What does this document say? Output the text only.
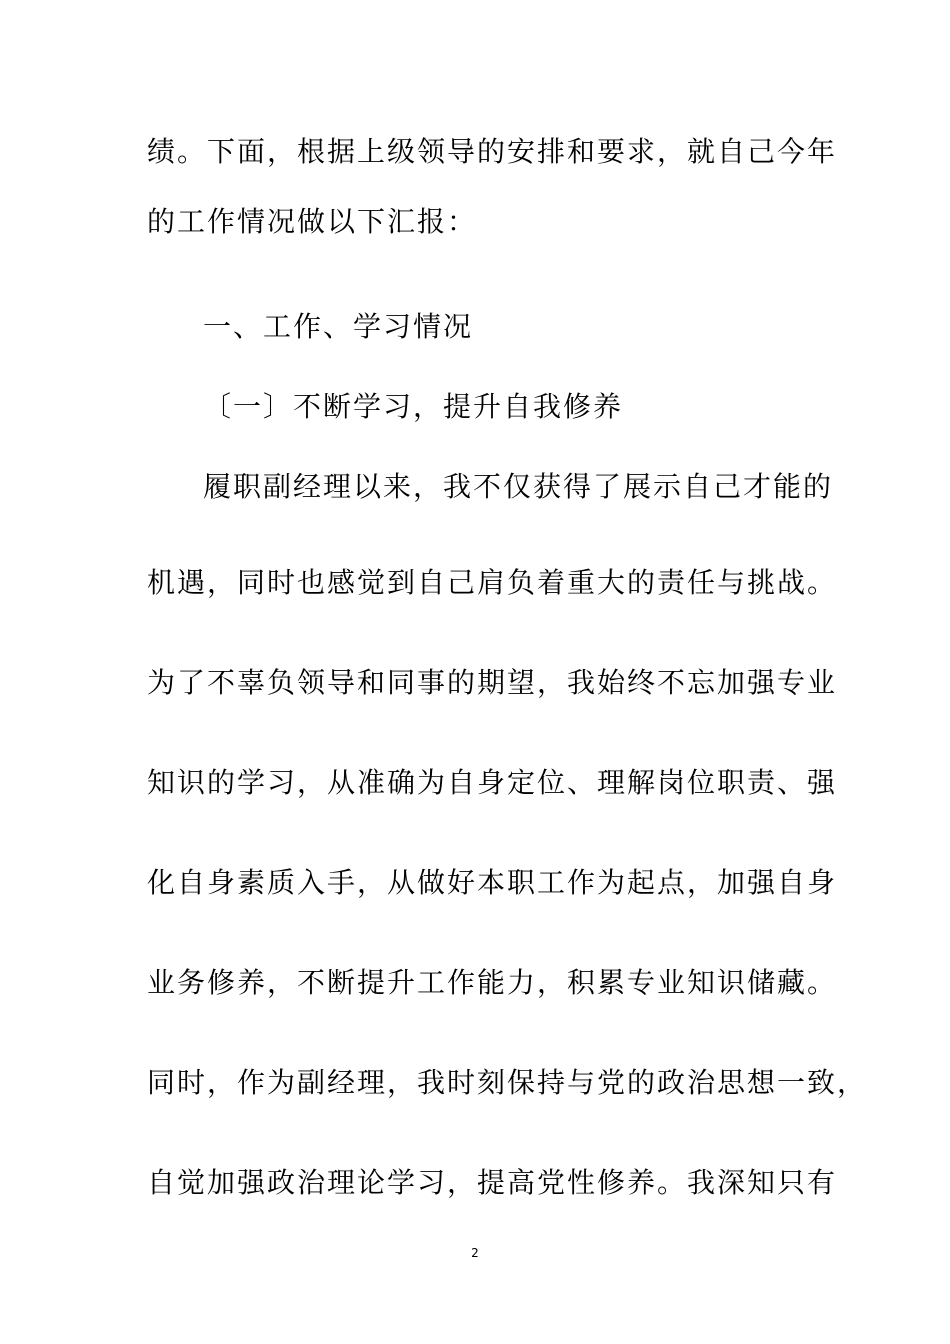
绩。下面，根据上级领导的安排和要求，就自己今年
的工作情况做以下汇报：
一、工作、学习情况
〔一〕不断学习，提升自我修养
履职副经理以来，我不仅获得了展示自己才能的
机遇，同时也感觉到自己肩负着重大的责任与挑战。
为了不辜负领导和同事的期望，我始终不忘加强专业
知识的学习，从准确为自身定位、理解岗位职责、强
化自身素质入手，从做好本职工作为起点，加强自身
业务修养，不断提升工作能力，积累专业知识储藏。
同时，作为副经理，我时刻保持与党的政治思想一致，
自觉加强政治理论学习，提高党性修养。我深知只有
2
